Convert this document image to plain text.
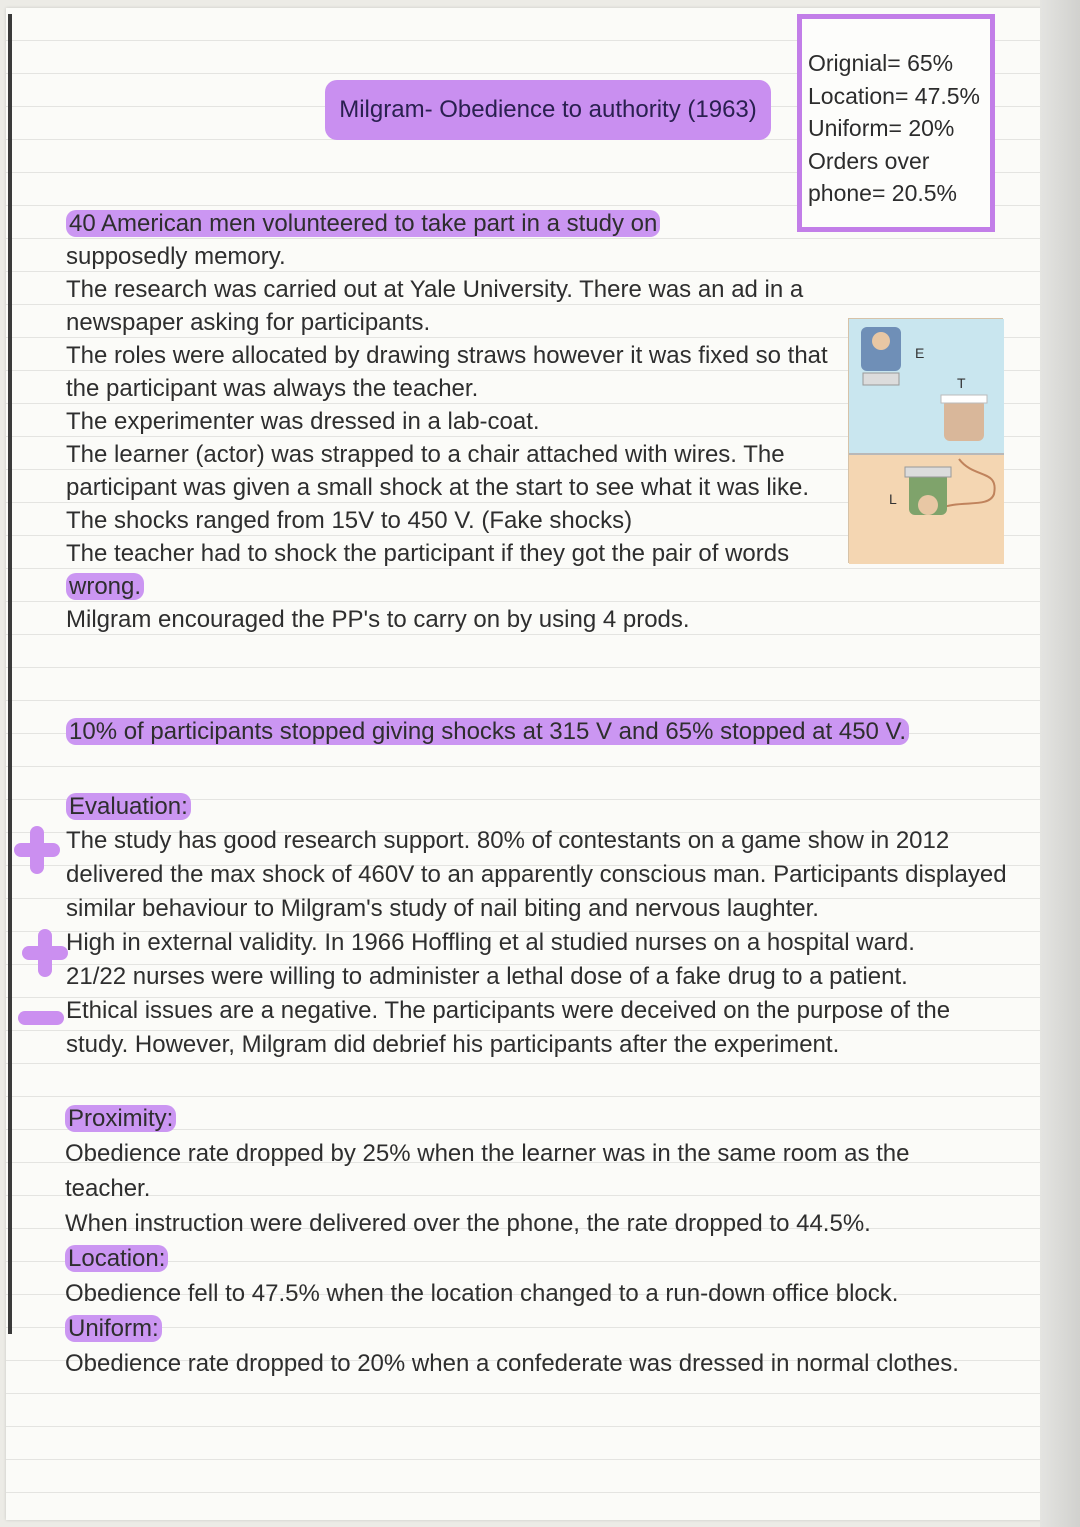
Milgram- Obedience to authority (1963)
Orignial= 65%
Location= 47.5%
Uniform= 20%
Orders over
phone= 20.5%

40 American men volunteered to take part in a study on

supposedly memory.

The research was carried out at Yale University. There was an ad in a

newspaper asking for participants.

The roles were allocated by drawing straws however it was fixed so that

the participant was always the teacher.

The experimenter was dressed in a lab-coat.

The learner (actor) was strapped to a chair attached with wires. The

participant was given a small shock at the start to see what it was like.

The shocks ranged from 15V to 450 V. (Fake shocks)

The teacher had to shock the participant if they got the pair of words

wrong.

Milgram encouraged the PP's to carry on by using 4 prods.

E
T
L

10% of participants stopped giving shocks at 315 V and 65% stopped at 450 V.

Evaluation:

The study has good research support. 80% of contestants on a game show in 2012

delivered the max shock of 460V to an apparently conscious man. Participants displayed

similar behaviour to Milgram's study of nail biting and nervous laughter.

High in external validity. In 1966 Hoffling et al studied nurses on a hospital ward.

21/22 nurses were willing to administer a lethal dose of a fake drug to a patient.

Ethical issues are a negative. The participants were deceived on the purpose of the

study. However, Milgram did debrief his participants after the experiment.

Proximity:

Obedience rate dropped by 25% when the learner was in the same room as the

teacher.

When instruction were delivered over the phone, the rate dropped to 44.5%.

Location:

Obedience fell to 47.5% when the location changed to a run-down office block.

Uniform:

Obedience rate dropped to 20% when a confederate was dressed in normal clothes.
